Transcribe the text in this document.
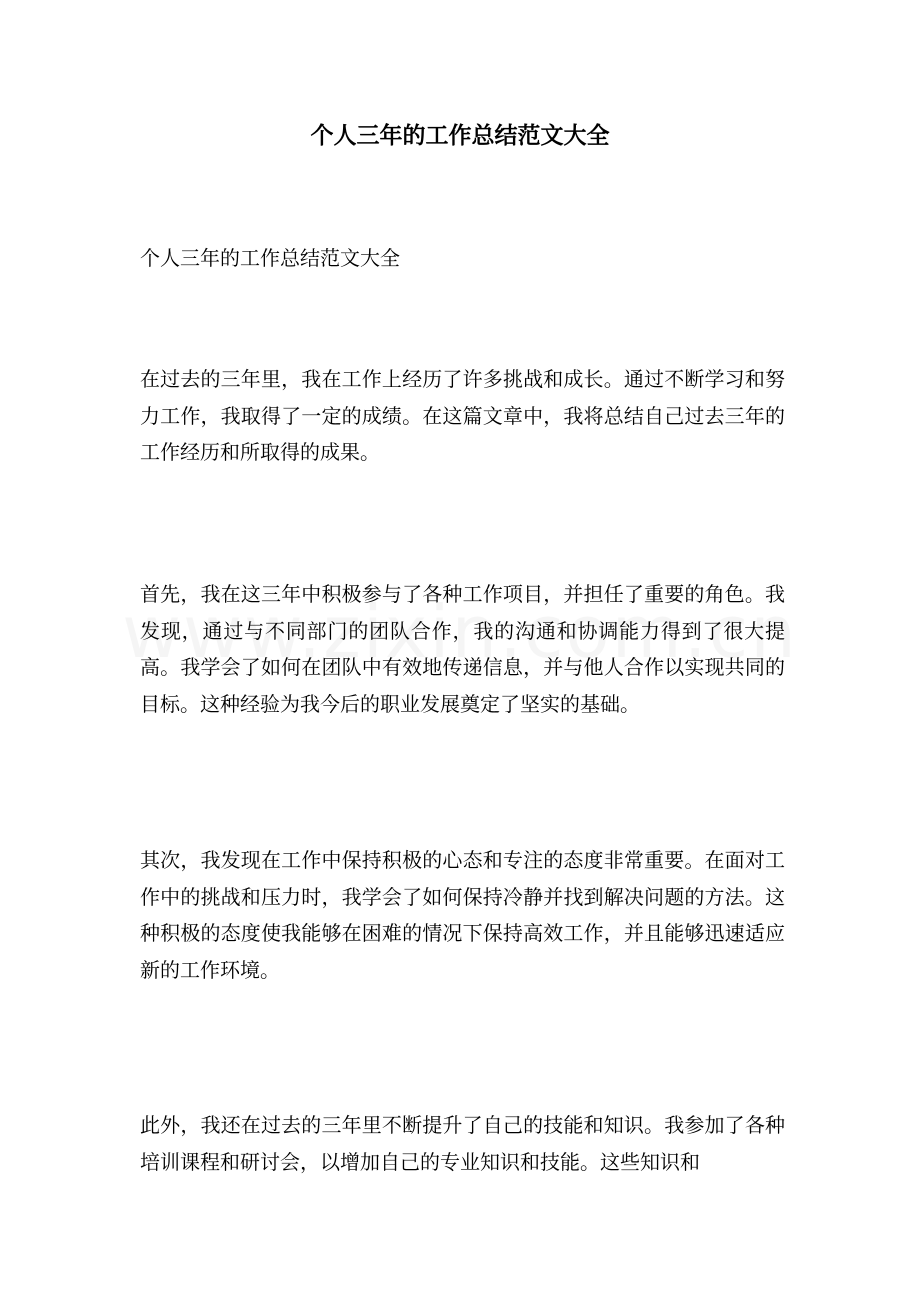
个人三年的工作总结范文大全

个人三年的工作总结范文大全

在过去的三年里，我在工作上经历了许多挑战和成长。通过不断学习和努力工作，我取得了一定的成绩。在这篇文章中，我将总结自己过去三年的工作经历和所取得的成果。

首先，我在这三年中积极参与了各种工作项目，并担任了重要的角色。我发现，通过与不同部门的团队合作，我的沟通和协调能力得到了很大提高。我学会了如何在团队中有效地传递信息，并与他人合作以实现共同的目标。这种经验为我今后的职业发展奠定了坚实的基础。

其次，我发现在工作中保持积极的心态和专注的态度非常重要。在面对工作中的挑战和压力时，我学会了如何保持冷静并找到解决问题的方法。这种积极的态度使我能够在困难的情况下保持高效工作，并且能够迅速适应新的工作环境。

此外，我还在过去的三年里不断提升了自己的技能和知识。我参加了各种培训课程和研讨会，以增加自己的专业知识和技能。这些知识和
